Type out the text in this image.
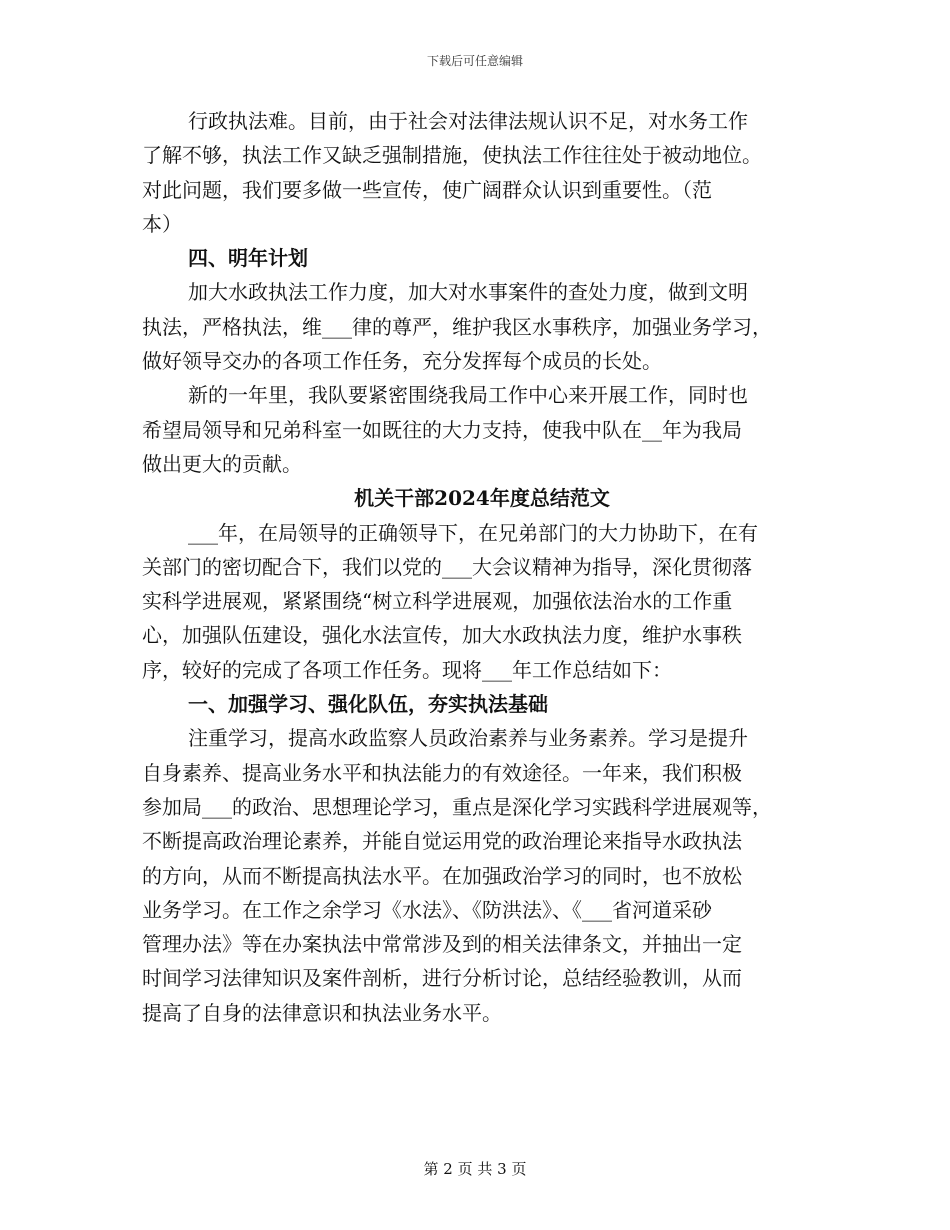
下载后可任意编辑
行政执法难。目前，由于社会对法律法规认识不足，对水务工作
了解不够，执法工作又缺乏强制措施，使执法工作往往处于被动地位。
对此问题，我们要多做一些宣传，使广阔群众认识到重要性。（范
本）
四、明年计划
加大水政执法工作力度，加大对水事案件的查处力度，做到文明
执法，严格执法，维___律的尊严，维护我区水事秩序，加强业务学习，
做好领导交办的各项工作任务，充分发挥每个成员的长处。
新的一年里，我队要紧密围绕我局工作中心来开展工作，同时也
希望局领导和兄弟科室一如既往的大力支持，使我中队在__年为我局
做出更大的贡献。
机关干部2024年度总结范文
___年，在局领导的正确领导下，在兄弟部门的大力协助下，在有
关部门的密切配合下，我们以党的___大会议精神为指导，深化贯彻落
实科学进展观，紧紧围绕“树立科学进展观，加强依法治水的工作重
心，加强队伍建设，强化水法宣传，加大水政执法力度，维护水事秩
序，较好的完成了各项工作任务。现将___年工作总结如下：
一、加强学习、强化队伍，夯实执法基础
注重学习，提高水政监察人员政治素养与业务素养。学习是提升
自身素养、提高业务水平和执法能力的有效途径。一年来，我们积极
参加局___的政治、思想理论学习，重点是深化学习实践科学进展观等，
不断提高政治理论素养，并能自觉运用党的政治理论来指导水政执法
的方向，从而不断提高执法水平。在加强政治学习的同时，也不放松
业务学习。在工作之余学习《水法》、《防洪法》、《___省河道采砂
管理办法》等在办案执法中常常涉及到的相关法律条文，并抽出一定
时间学习法律知识及案件剖析，进行分析讨论，总结经验教训，从而
提高了自身的法律意识和执法业务水平。
第 2 页 共 3 页
